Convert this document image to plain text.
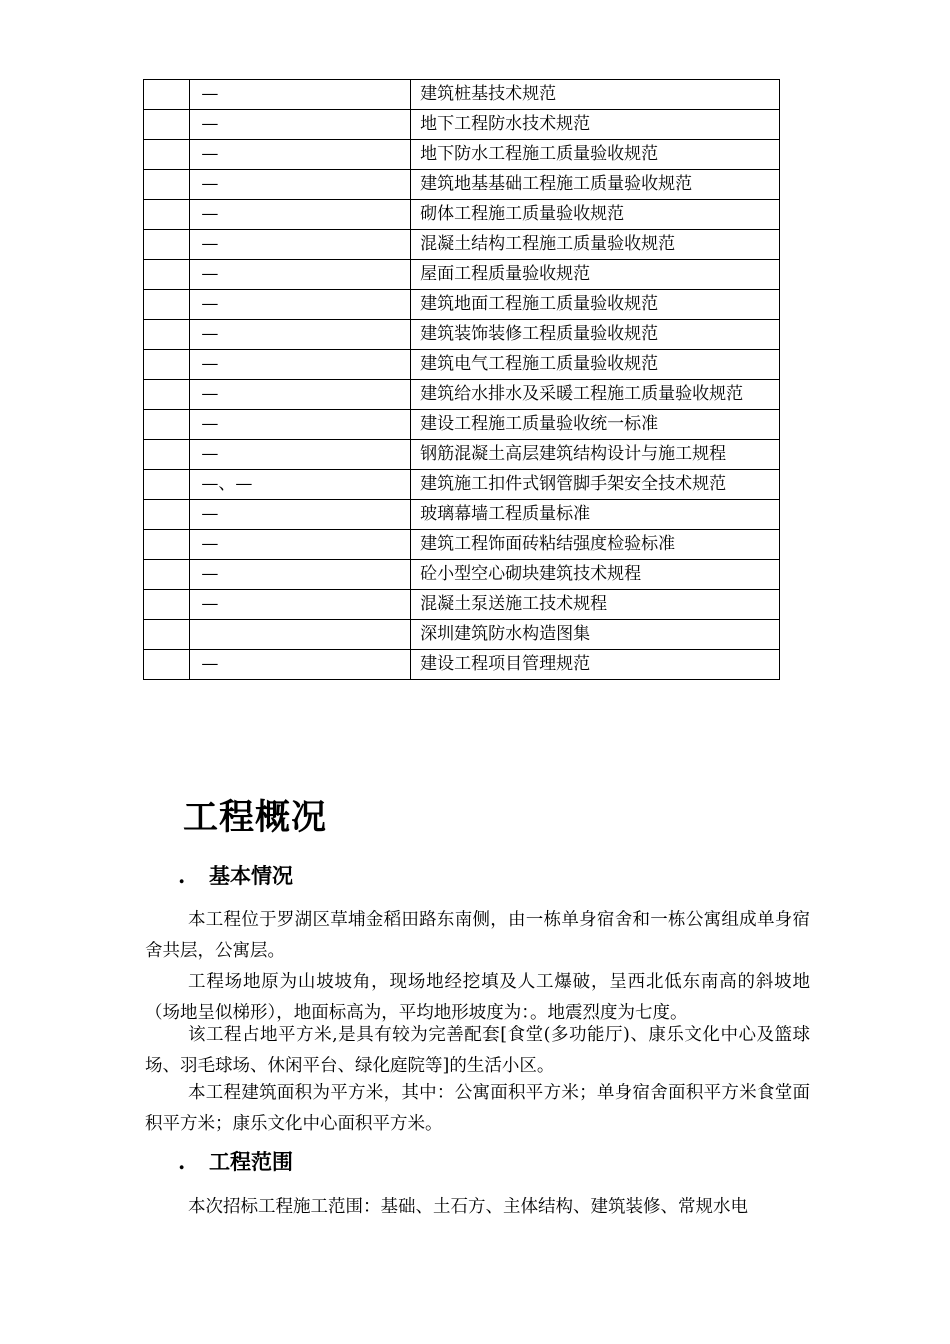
	—	建筑桩基技术规范
	—	地下工程防水技术规范
	—	地下防水工程施工质量验收规范
	—	建筑地基基础工程施工质量验收规范
	—	砌体工程施工质量验收规范
	—	混凝土结构工程施工质量验收规范
	—	屋面工程质量验收规范
	—	建筑地面工程施工质量验收规范
	—	建筑装饰装修工程质量验收规范
	—	建筑电气工程施工质量验收规范
	—	建筑给水排水及采暖工程施工质量验收规范
	—	建设工程施工质量验收统一标准
	—	钢筋混凝土高层建筑结构设计与施工规程
	—、—	建筑施工扣件式钢管脚手架安全技术规范
	—	玻璃幕墙工程质量标准
	—	建筑工程饰面砖粘结强度检验标准
	—	砼小型空心砌块建筑技术规程
	—	混凝土泵送施工技术规程
		深圳建筑防水构造图集
	—	建设工程项目管理规范
工程概况
. 基本情况

本工程位于罗湖区草埔金稻田路东南侧，由一栋单身宿舍和一栋公寓组成单身宿舍共层，公寓层。

工程场地原为山坡坡角，现场地经挖填及人工爆破，呈西北低东南高的斜坡地（场地呈似梯形），地面标高为，平均地形坡度为：。地震烈度为七度。

该工程占地平方米,是具有较为完善配套[食堂(多功能厅)、康乐文化中心及篮球场、羽毛球场、休闲平台、绿化庭院等]的生活小区。

本工程建筑面积为平方米，其中：公寓面积平方米；单身宿舍面积平方米食堂面积平方米；康乐文化中心面积平方米。

. 工程范围

本次招标工程施工范围：基础、土石方、主体结构、建筑装修、常规水电
